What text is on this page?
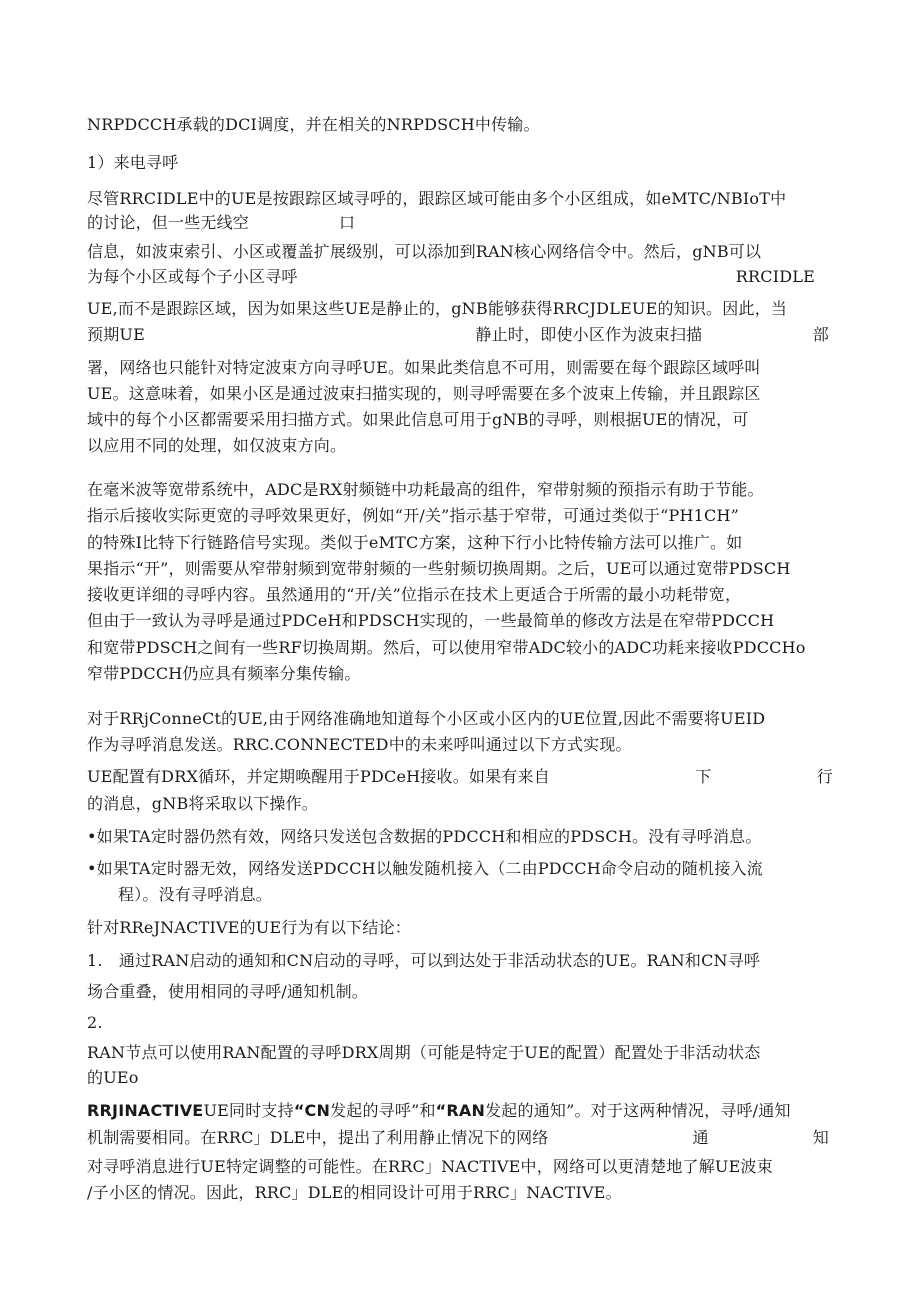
NRPDCCH承载的DCI调度，并在相关的NRPDSCH中传输。
1）来电寻呼
尽管RRCIDLE中的UE是按跟踪区域寻呼的，跟踪区域可能由多个小区组成，如eMTC/NBIoT中
的讨论，但一些无线空	口
信息，如波束索引、小区或覆盖扩展级别，可以添加到RAN核心网络信令中。然后，gNB可以
为每个小区或每个子小区寻呼	RRCIDLE
UE,而不是跟踪区域，因为如果这些UE是静止的，gNB能够获得RRCJDLEUE的知识。因此，当
预期UE	静止时，即使小区作为波束扫描	部
署，网络也只能针对特定波束方向寻呼UE。如果此类信息不可用，则需要在每个跟踪区域呼叫
UE。这意味着，如果小区是通过波束扫描实现的，则寻呼需要在多个波束上传输，并且跟踪区
域中的每个小区都需要采用扫描方式。如果此信息可用于gNB的寻呼，则根据UE的情况，可
以应用不同的处理，如仅波束方向。
在毫米波等宽带系统中，ADC是RX射频链中功耗最高的组件，窄带射频的预指示有助于节能。
指示后接收实际更宽的寻呼效果更好，例如“开/关”指示基于窄带，可通过类似于“PH1CH”
的特殊I比特下行链路信号实现。类似于eMTC方案，这种下行小比特传输方法可以推广。如
果指示“开”，则需要从窄带射频到宽带射频的一些射频切换周期。之后，UE可以通过宽带PDSCH
接收更详细的寻呼内容。虽然通用的“开/关”位指示在技术上更适合于所需的最小功耗带宽，
但由于一致认为寻呼是通过PDCeH和PDSCH实现的，一些最简单的修改方法是在窄带PDCCH
和宽带PDSCH之间有一些RF切换周期。然后，可以使用窄带ADC较小的ADC功耗来接收PDCCHo
窄带PDCCH仍应具有频率分集传输。
对于RRjConneCt的UE,由于网络准确地知道每个小区或小区内的UE位置,因此不需要将UEID
作为寻呼消息发送。RRC.CONNECTED中的未来呼叫通过以下方式实现。
UE配置有DRX循环，并定期唤醒用于PDCeH接收。如果有来自	下	行
的消息，gNB将采取以下操作。
•如果TA定时器仍然有效，网络只发送包含数据的PDCCH和相应的PDSCH。没有寻呼消息。
•如果TA定时器无效，网络发送PDCCH以触发随机接入（二由PDCCH命令启动的随机接入流
程）。没有寻呼消息。
针对RReJNACTIVE的UE行为有以下结论：
1.　通过RAN启动的通知和CN启动的寻呼，可以到达处于非活动状态的UE。RAN和CN寻呼
场合重叠，使用相同的寻呼/通知机制。
2.
RAN节点可以使用RAN配置的寻呼DRX周期（可能是特定于UE的配置）配置处于非活动状态
的UEo
RRJINACTIVEUE同时支持“CN发起的寻呼”和“RAN发起的通知”。对于这两种情况，寻呼/通知
机制需要相同。在RRC」DLE中，提出了利用静止情况下的网络	通	知
对寻呼消息进行UE特定调整的可能性。在RRC」NACTIVE中，网络可以更清楚地了解UE波束
/子小区的情况。因此，RRC」DLE的相同设计可用于RRC」NACTIVE。
